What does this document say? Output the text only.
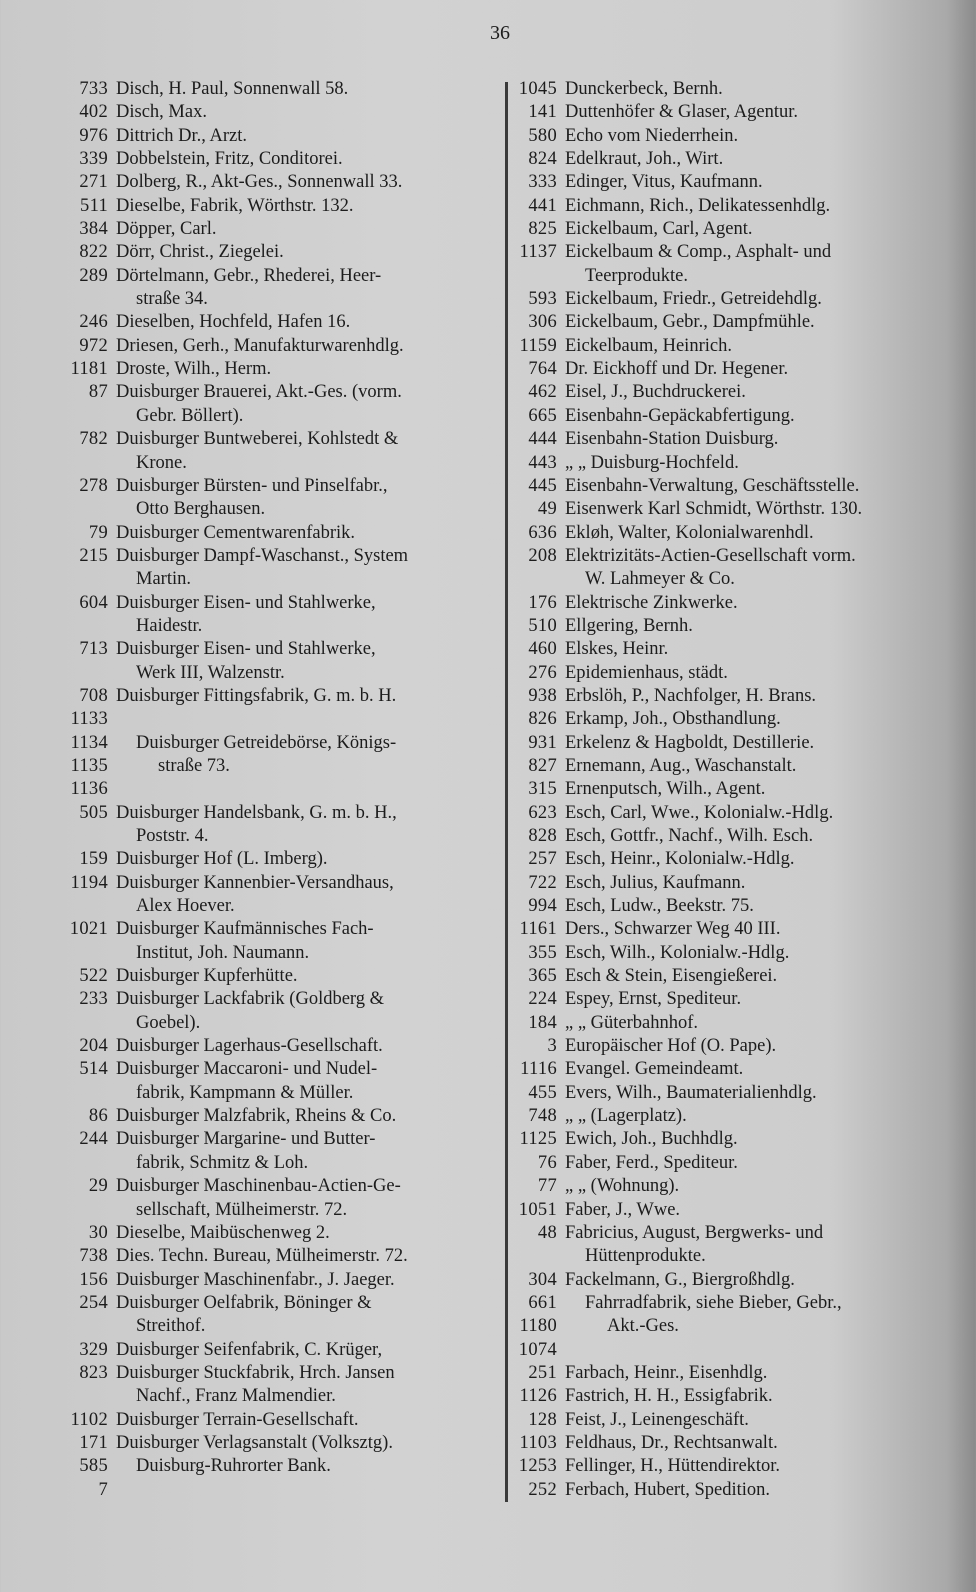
36
733 Disch, H. Paul, Sonnenwall 58.
402 Disch, Max.
976 Dittrich Dr., Arzt.
339 Dobbelstein, Fritz, Conditorei.
271 Dolberg, R., Akt-Ges., Sonnenwall 33.
511 Dieselbe, Fabrik, Wörthstr. 132.
384 Döpper, Carl.
822 Dörr, Christ., Ziegelei.
289 Dörtelmann, Gebr., Rhederei, Heer-
straße 34.
246 Dieselben, Hochfeld, Hafen 16.
972 Driesen, Gerh., Manufakturwarenhdlg.
1181 Droste, Wilh., Herm.
87 Duisburger Brauerei, Akt.-Ges. (vorm.
Gebr. Böllert).
782 Duisburger Buntweberei, Kohlstedt &
Krone.
278 Duisburger Bürsten- und Pinselfabr.,
Otto Berghausen.
79 Duisburger Cementwarenfabrik.
215 Duisburger Dampf-Waschanst., System
Martin.
604 Duisburger Eisen- und Stahlwerke,
Haidestr.
713 Duisburger Eisen- und Stahlwerke,
Werk III, Walzenstr.
708 Duisburger Fittingsfabrik, G. m. b. H.
1133
1134	Duisburger Getreidebörse, Königs-
1135	straße 73.
1136
505 Duisburger Handelsbank, G. m. b. H.,
Poststr. 4.
159 Duisburger Hof (L. Imberg).
1194 Duisburger Kannenbier-Versandhaus,
Alex Hoever.
1021 Duisburger Kaufmännisches Fach-
Institut, Joh. Naumann.
522 Duisburger Kupferhütte.
233 Duisburger Lackfabrik (Goldberg &
Goebel).
204 Duisburger Lagerhaus-Gesellschaft.
514 Duisburger Maccaroni- und Nudel-
fabrik, Kampmann & Müller.
86 Duisburger Malzfabrik, Rheins & Co.
244 Duisburger Margarine- und Butter-
fabrik, Schmitz & Loh.
29 Duisburger Maschinenbau-Actien-Ge-
sellschaft, Mülheimerstr. 72.
30 Dieselbe, Maibüschenweg 2.
738 Dies. Techn. Bureau, Mülheimerstr. 72.
156 Duisburger Maschinenfabr., J. Jaeger.
254 Duisburger Oelfabrik, Böninger &
Streithof.
329 Duisburger Seifenfabrik, C. Krüger,
823 Duisburger Stuckfabrik, Hrch. Jansen
Nachf., Franz Malmendier.
1102 Duisburger Terrain-Gesellschaft.
171 Duisburger Verlagsanstalt (Volksztg).
585	Duisburg-Ruhrorter Bank.
7
1045 Dunckerbeck, Bernh.
141 Duttenhöfer & Glaser, Agentur.
580 Echo vom Niederrhein.
824 Edelkraut, Joh., Wirt.
333 Edinger, Vitus, Kaufmann.
441 Eichmann, Rich., Delikatessenhdlg.
825 Eickelbaum, Carl, Agent.
1137 Eickelbaum & Comp., Asphalt- und
Teerprodukte.
593 Eickelbaum, Friedr., Getreidehdlg.
306 Eickelbaum, Gebr., Dampfmühle.
1159 Eickelbaum, Heinrich.
764 Dr. Eickhoff und Dr. Hegener.
462 Eisel, J., Buchdruckerei.
665 Eisenbahn-Gepäckabfertigung.
444 Eisenbahn-Station Duisburg.
443 „ „ Duisburg-Hochfeld.
445 Eisenbahn-Verwaltung, Geschäftsstelle.
49 Eisenwerk Karl Schmidt, Wörthstr. 130.
636 Ekløh, Walter, Kolonialwarenhdl.
208 Elektrizitäts-Actien-Gesellschaft vorm.
W. Lahmeyer & Co.
176 Elektrische Zinkwerke.
510 Ellgering, Bernh.
460 Elskes, Heinr.
276 Epidemienhaus, städt.
938 Erbslöh, P., Nachfolger, H. Brans.
826 Erkamp, Joh., Obsthandlung.
931 Erkelenz & Hagboldt, Destillerie.
827 Ernemann, Aug., Waschanstalt.
315 Ernenputsch, Wilh., Agent.
623 Esch, Carl, Wwe., Kolonialw.-Hdlg.
828 Esch, Gottfr., Nachf., Wilh. Esch.
257 Esch, Heinr., Kolonialw.-Hdlg.
722 Esch, Julius, Kaufmann.
994 Esch, Ludw., Beekstr. 75.
1161 Ders., Schwarzer Weg 40 III.
355 Esch, Wilh., Kolonialw.-Hdlg.
365 Esch & Stein, Eisengießerei.
224 Espey, Ernst, Spediteur.
184 „ „ Güterbahnhof.
3 Europäischer Hof (O. Pape).
1116 Evangel. Gemeindeamt.
455 Evers, Wilh., Baumaterialienhdlg.
748 „ „ (Lagerplatz).
1125 Ewich, Joh., Buchhdlg.
76 Faber, Ferd., Spediteur.
77 „ „ (Wohnung).
1051 Faber, J., Wwe.
48 Fabricius, August, Bergwerks- und
Hüttenprodukte.
304 Fackelmann, G., Biergroßhdlg.
661	Fahrradfabrik, siehe Bieber, Gebr.,
1180	Akt.-Ges.
1074
251 Farbach, Heinr., Eisenhdlg.
1126 Fastrich, H. H., Essigfabrik.
128 Feist, J., Leinengeschäft.
1103 Feldhaus, Dr., Rechtsanwalt.
1253 Fellinger, H., Hüttendirektor.
252 Ferbach, Hubert, Spedition.
